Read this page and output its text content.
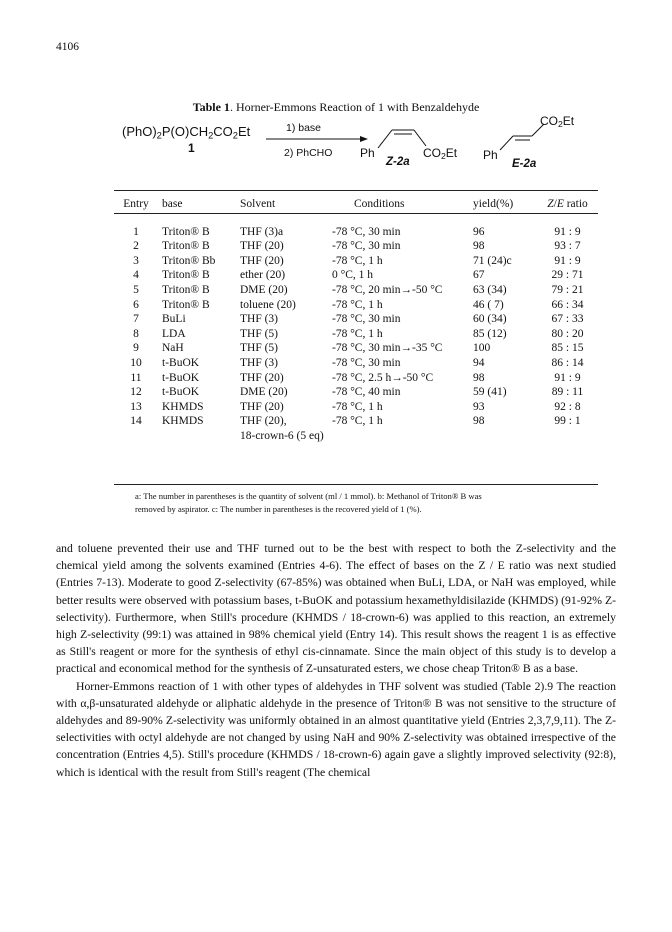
4106
Table 1. Horner-Emmons Reaction of 1 with Benzaldehyde
$(PhO)_2P(O)CH_2CO_2Et$
1
1) base
2) PhCHO Ph	$CO_2Et$
Z-2a	Ph
$CO_2Et$
E-2a
Entry	base	Solvent	Conditions	yield(%)	Z/E ratio
1	Triton® B	THF (3)a	-78 °C, 30 min	96	91 : 9
2	Triton® B	THF (20)	-78 °C, 30 min	98	93 : 7
3	Triton® Bb	THF (20)	-78 °C, 1 h	71 (24)c	91 : 9
4	Triton® B	ether (20)	0 °C, 1 h	67	29 : 71
5	Triton® B	DME (20)	-78 °C, 20 min→-50 °C	63 (34)	79 : 21
6	Triton® B	toluene (20)	-78 °C, 1 h	46 ( 7)	66 : 34
7	BuLi	THF (3)	-78 °C, 30 min	60 (34)	67 : 33
8	LDA	THF (5)	-78 °C, 1 h	85 (12)	80 : 20
9	NaH	THF (5)	-78 °C, 30 min→-35 °C	100	85 : 15
10	t-BuOK	THF (3)	-78 °C, 30 min	94	86 : 14
11	t-BuOK	THF (20)	-78 °C, 2.5 h→-50 °C	98	91 : 9
12	t-BuOK	DME (20)	-78 °C, 40 min	59 (41)	89 : 11
13	KHMDS	THF (20)	-78 °C, 1 h	93	92 : 8
14	KHMDS	THF (20),	-78 °C, 1 h	98	99 : 1
		18-crown-6 (5 eq)			
a: The number in parentheses is the quantity of solvent (ml / 1 mmol). b: Methanol of Triton® B was
removed by aspirator. c: The number in parentheses is the recovered yield of 1 (%).

and toluene prevented their use and THF turned out to be the best with respect to both the Z-selectivity and the chemical yield among the solvents examined (Entries 4-6). The effect of bases on the Z / E ratio was next studied (Entries 7-13). Moderate to good Z-selectivity (67-85%) was obtained when BuLi, LDA, or NaH was employed, while better results were observed with potassium bases, t-BuOK and potassium hexamethyldisilazide (KHMDS) (91-92% Z-selectivity). Furthermore, when Still's procedure (KHMDS / 18-crown-6) was applied to this reaction, an extremely high Z-selectivity (99:1) was attained in 98% chemical yield (Entry 14). This result shows the reagent 1 is as effective as Still's reagent or more for the synthesis of ethyl cis-cinnamate. Since the main object of this study is to develop a practical and economical method for the synthesis of Z-unsaturated esters, we chose cheap Triton® B as a base.

Horner-Emmons reaction of 1 with other types of aldehydes in THF solvent was studied (Table 2).9 The reaction with α,β-unsaturated aldehyde or aliphatic aldehyde in the presence of Triton® B was not sensitive to the structure of aldehydes and 89-90% Z-selectivity was uniformly obtained in an almost quantitative yield (Entries 2,3,7,9,11). The Z-selectivities with octyl aldehyde are not changed by using NaH and 90% Z-selectivity was obtained irrespective of the concentration (Entries 4,5). Still's procedure (KHMDS / 18-crown-6) again gave a slightly improved selectivity (92:8), which is identical with the result from Still's reagent (The chemical
